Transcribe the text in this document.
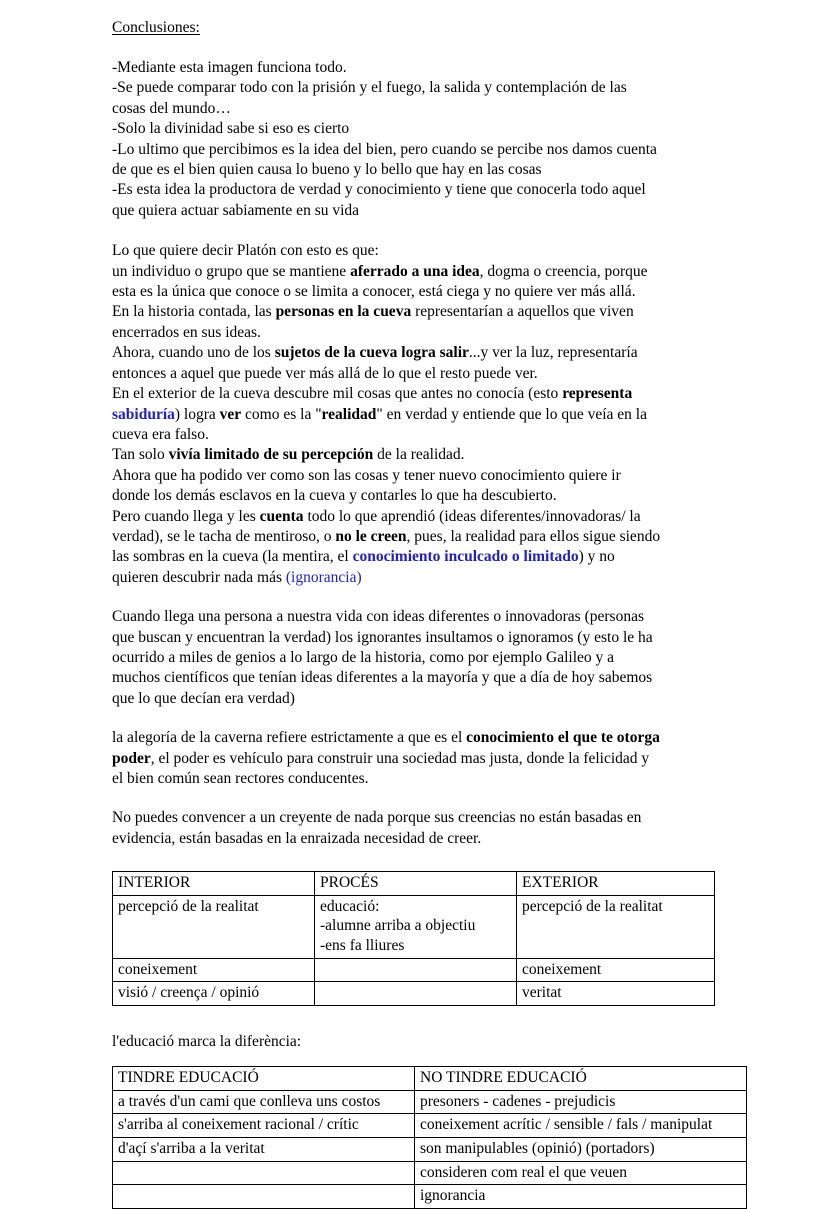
Conclusiones:
-Mediante esta imagen funciona todo.
-Se puede comparar todo con la prisión y el fuego, la salida y contemplación de las
cosas del mundo…
-Solo la divinidad sabe si eso es cierto
-Lo ultimo que percibimos es la idea del bien, pero cuando se percibe nos damos cuenta
de que es el bien quien causa lo bueno y lo bello que hay en las cosas
-Es esta idea la productora de verdad y conocimiento y tiene que conocerla todo aquel
que quiera actuar sabiamente en su vida
Lo que quiere decir Platón con esto es que:
un individuo o grupo que se mantiene aferrado a una idea, dogma o creencia, porque
esta es la única que conoce o se limita a conocer, está ciega y no quiere ver más allá.
En la historia contada, las personas en la cueva representarían a aquellos que viven
encerrados en sus ideas.
Ahora, cuando uno de los sujetos de la cueva logra salir...y ver la luz, representaría
entonces a aquel que puede ver más allá de lo que el resto puede ver.
En el exterior de la cueva descubre mil cosas que antes no conocía (esto representa
sabiduría) logra ver como es la "realidad" en verdad y entiende que lo que veía en la
cueva era falso.
Tan solo vivía limitado de su percepción de la realidad.
Ahora que ha podido ver como son las cosas y tener nuevo conocimiento quiere ir
donde los demás esclavos en la cueva y contarles lo que ha descubierto.
Pero cuando llega y les cuenta todo lo que aprendió (ideas diferentes/innovadoras/ la
verdad), se le tacha de mentiroso, o no le creen, pues, la realidad para ellos sigue siendo
las sombras en la cueva (la mentira, el conocimiento inculcado o limitado) y no
quieren descubrir nada más (ignorancia)
Cuando llega una persona a nuestra vida con ideas diferentes o innovadoras (personas
que buscan y encuentran la verdad) los ignorantes insultamos o ignoramos (y esto le ha
ocurrido a miles de genios a lo largo de la historia, como por ejemplo Galileo y a
muchos científicos que tenían ideas diferentes a la mayoría y que a día de hoy sabemos
que lo que decían era verdad)
la alegoría de la caverna refiere estrictamente a que es el conocimiento el que te otorga
poder, el poder es vehículo para construir una sociedad mas justa, donde la felicidad y
el bien común sean rectores conducentes.
No puedes convencer a un creyente de nada porque sus creencias no están basadas en
evidencia, están basadas en la enraizada necesidad de creer.
INTERIOR	PROCÉS	EXTERIOR
percepció de la realitat	educació:
-alumne arriba a objectiu
-ens fa lliures	percepció de la realitat
coneixement		coneixement
visió / creença / opinió		veritat
l'educació marca la diferència:
TINDRE EDUCACIÓ	NO TINDRE EDUCACIÓ
a través d'un cami que conlleva uns costos	presoners - cadenes - prejudicis
s'arriba al coneixement racional / crític	coneixement acrític / sensible / fals / manipulat
d'açí s'arriba a la veritat	son manipulables (opinió) (portadors)
	consideren com real el que veuen
	ignorancia
